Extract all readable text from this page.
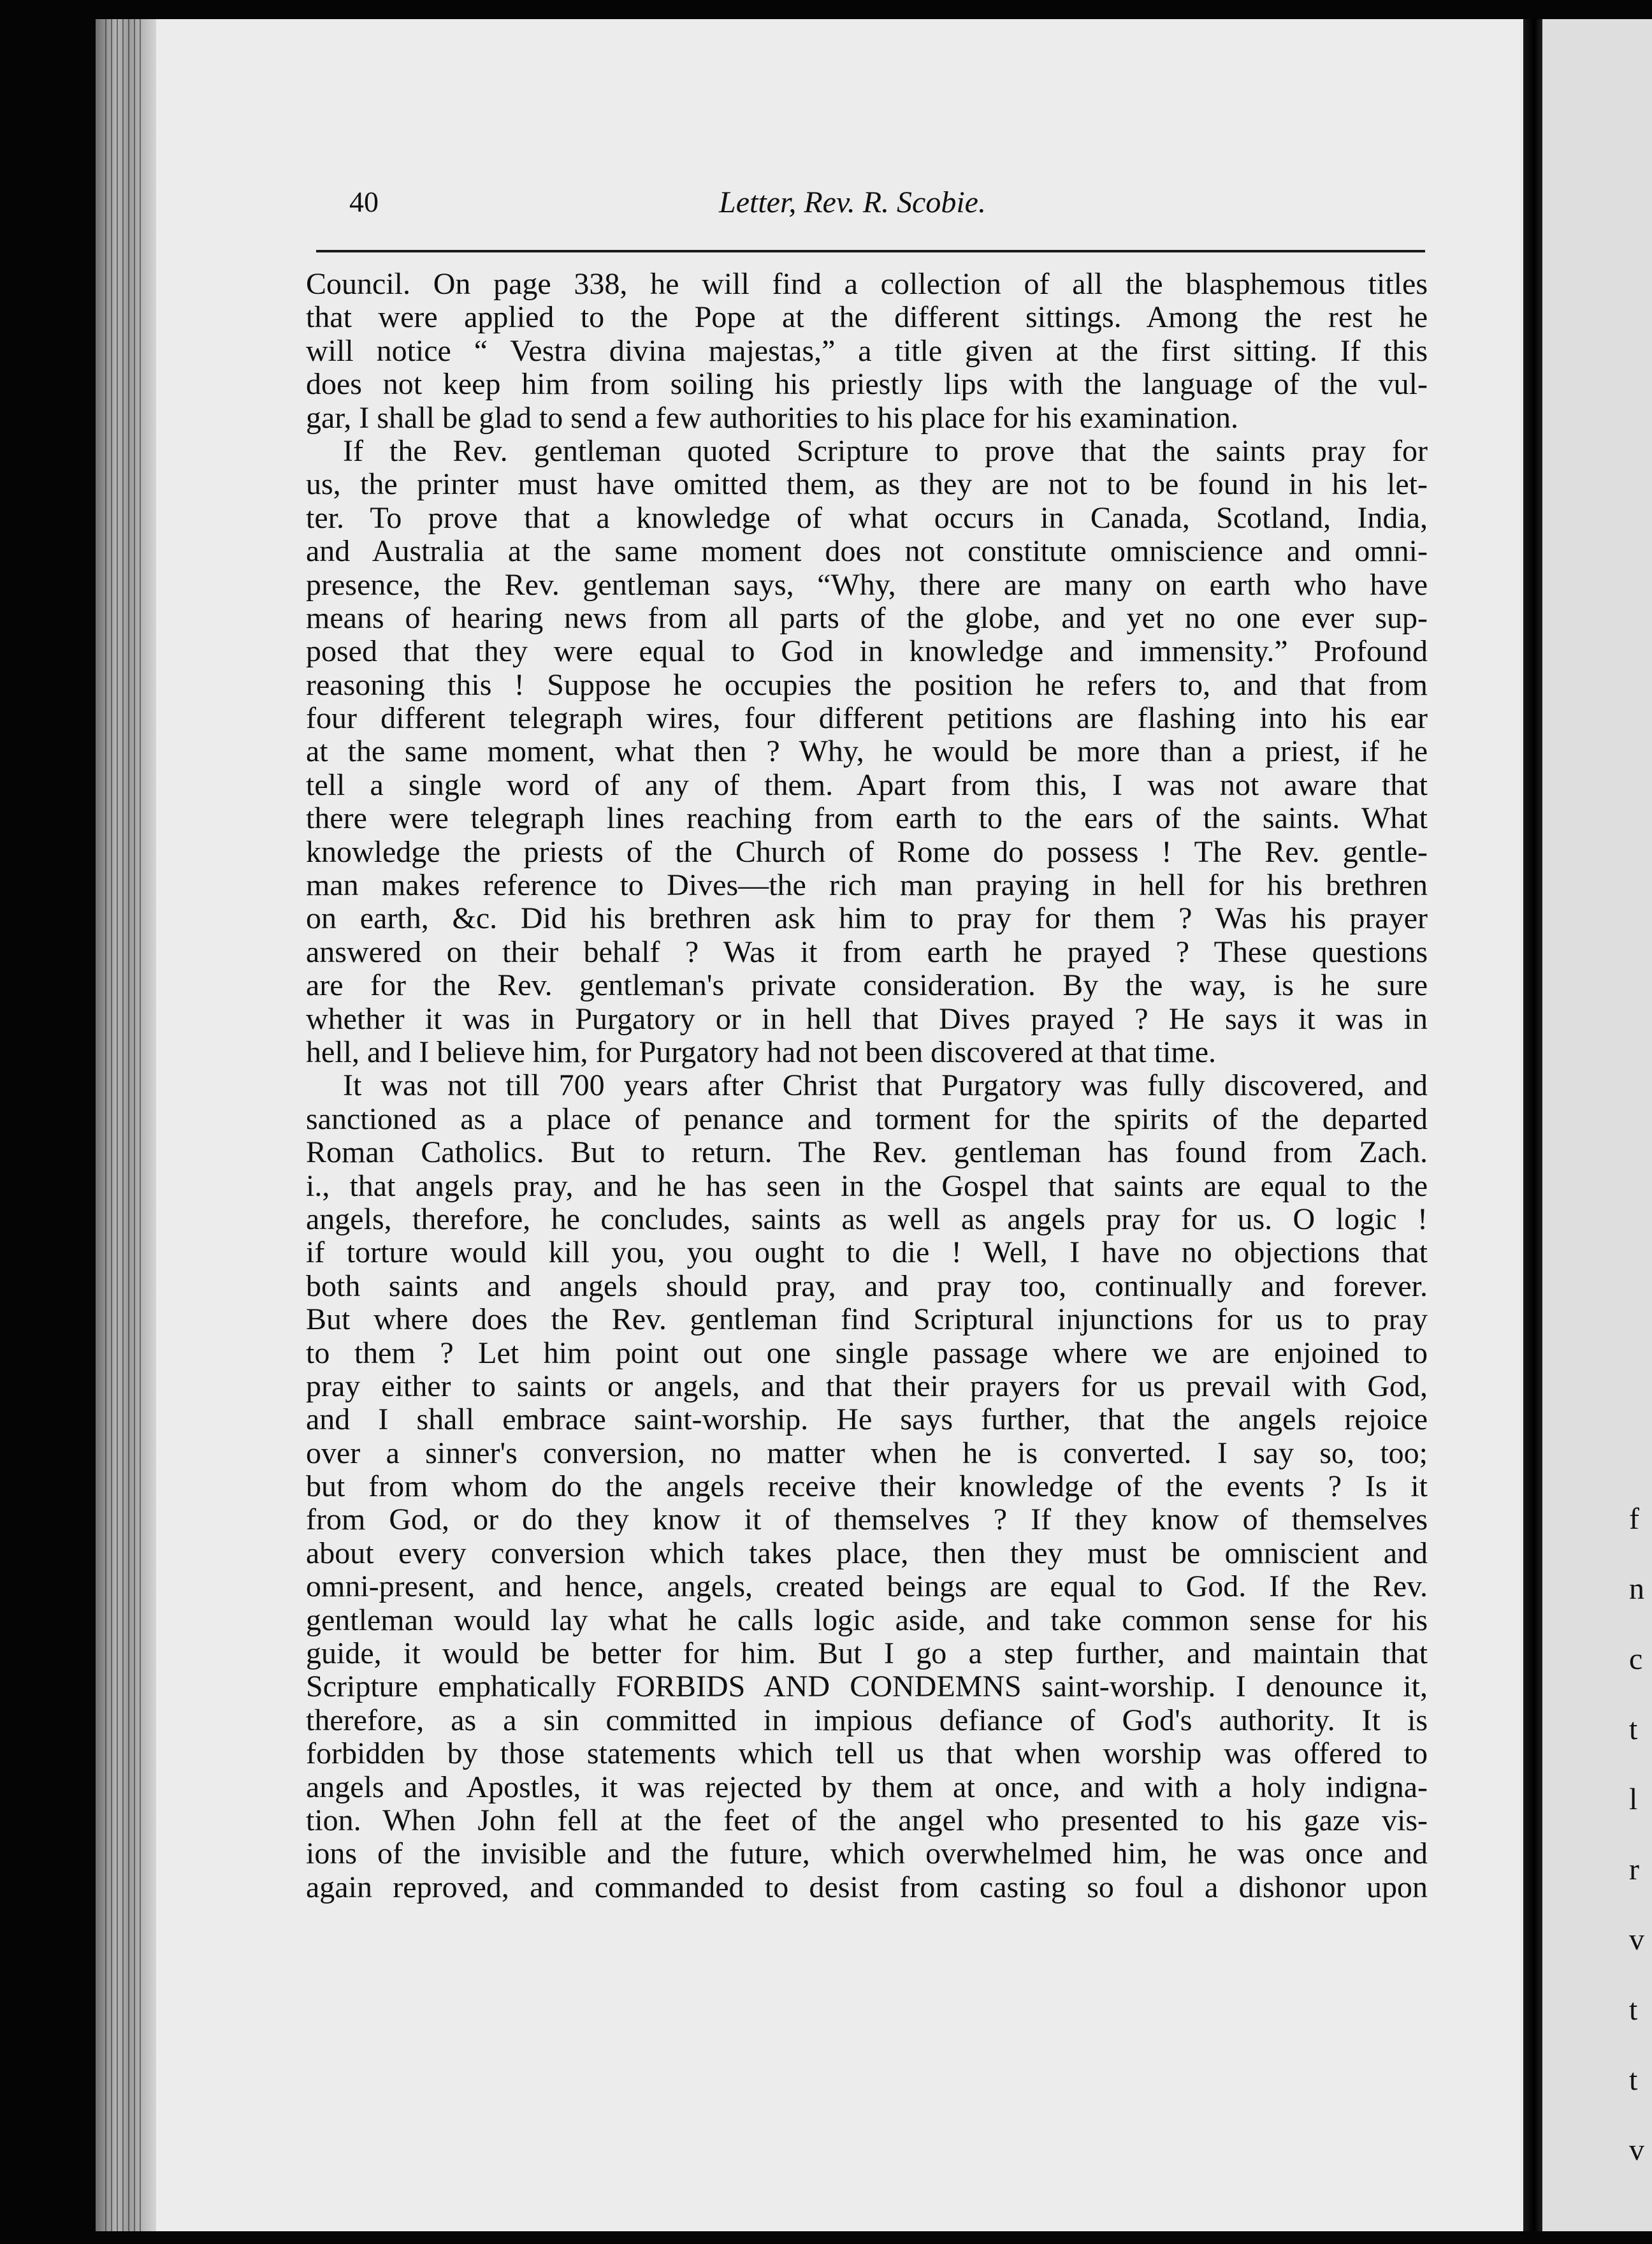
40	Letter, Rev. R. Scobie.
Council. On page 338, he will find a collection of all the blasphemous titles
that were applied to the Pope at the different sittings. Among the rest he
will notice “ Vestra divina majestas,” a title given at the first sitting. If this
does not keep him from soiling his priestly lips with the language of the vul-
gar, I shall be glad to send a few authorities to his place for his examination.
If the Rev. gentleman quoted Scripture to prove that the saints pray for
us, the printer must have omitted them, as they are not to be found in his let-
ter. To prove that a knowledge of what occurs in Canada, Scotland, India,
and Australia at the same moment does not constitute omniscience and omni-
presence, the Rev. gentleman says, “Why, there are many on earth who have
means of hearing news from all parts of the globe, and yet no one ever sup-
posed that they were equal to God in knowledge and immensity.” Profound
reasoning this ! Suppose he occupies the position he refers to, and that from
four different telegraph wires, four different petitions are flashing into his ear
at the same moment, what then ? Why, he would be more than a priest, if he
tell a single word of any of them. Apart from this, I was not aware that
there were telegraph lines reaching from earth to the ears of the saints. What
knowledge the priests of the Church of Rome do possess ! The Rev. gentle-
man makes reference to Dives—the rich man praying in hell for his brethren
on earth, &c. Did his brethren ask him to pray for them ? Was his prayer
answered on their behalf ? Was it from earth he prayed ? These questions
are for the Rev. gentleman's private consideration. By the way, is he sure
whether it was in Purgatory or in hell that Dives prayed ? He says it was in
hell, and I believe him, for Purgatory had not been discovered at that time.
It was not till 700 years after Christ that Purgatory was fully discovered, and
sanctioned as a place of penance and torment for the spirits of the departed
Roman Catholics. But to return. The Rev. gentleman has found from Zach.
i., that angels pray, and he has seen in the Gospel that saints are equal to the
angels, therefore, he concludes, saints as well as angels pray for us. O logic !
if torture would kill you, you ought to die ! Well, I have no objections that
both saints and angels should pray, and pray too, continually and forever.
But where does the Rev. gentleman find Scriptural injunctions for us to pray
to them ? Let him point out one single passage where we are enjoined to
pray either to saints or angels, and that their prayers for us prevail with God,
and I shall embrace saint-worship. He says further, that the angels rejoice
over a sinner's conversion, no matter when he is converted. I say so, too;
but from whom do the angels receive their knowledge of the events ? Is it
from God, or do they know it of themselves ? If they know of themselves
about every conversion which takes place, then they must be omniscient and
omni-present, and hence, angels, created beings are equal to God. If the Rev.
gentleman would lay what he calls logic aside, and take common sense for his
guide, it would be better for him. But I go a step further, and maintain that
Scripture emphatically FORBIDS AND CONDEMNS saint-worship. I denounce it,
therefore, as a sin committed in impious defiance of God's authority. It is
forbidden by those statements which tell us that when worship was offered to
angels and Apostles, it was rejected by them at once, and with a holy indigna-
tion. When John fell at the feet of the angel who presented to his gaze vis-
ions of the invisible and the future, which overwhelmed him, he was once and
again reproved, and commanded to desist from casting so foul a dishonor upon
f
n
c
t
l
r
v
t
t
v
